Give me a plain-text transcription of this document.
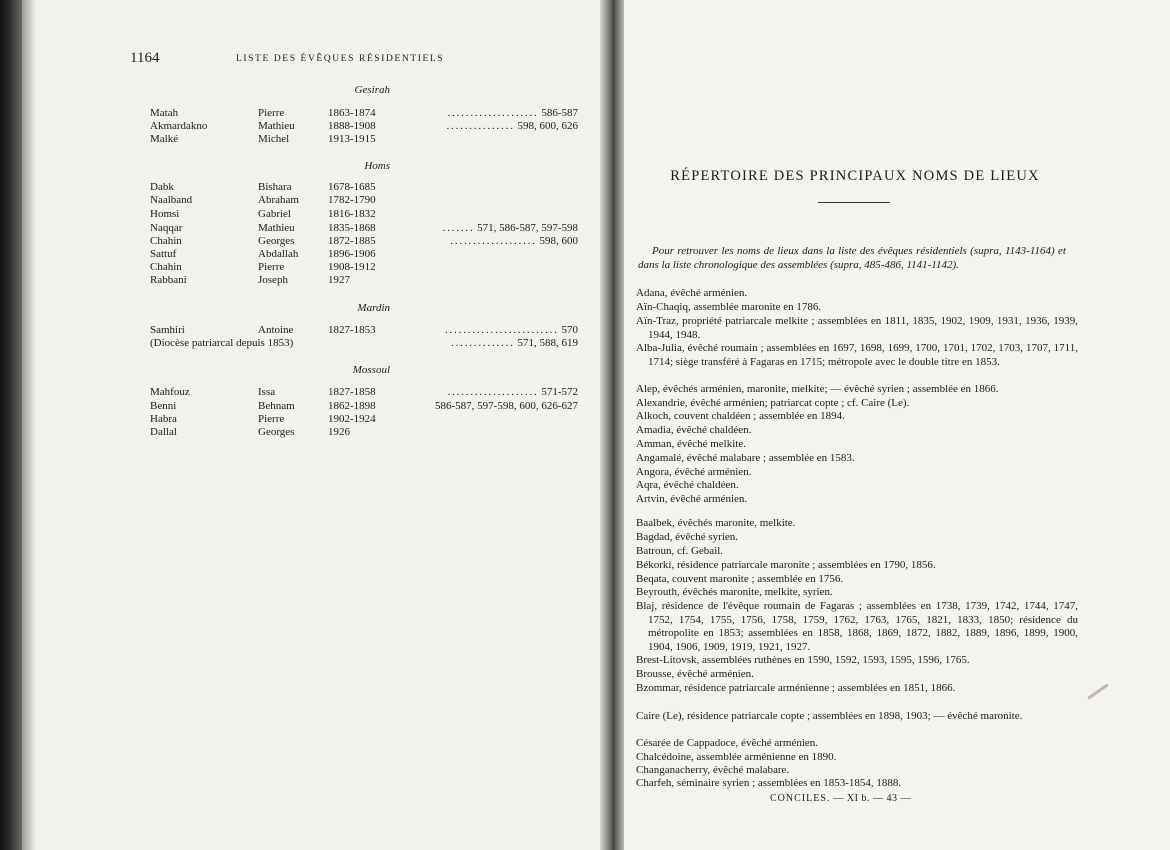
1164	LISTE DES ÉVÊQUES RÉSIDENTIELS
Gesirah
Matah	Pierre	1863-1874	.................... 586-587
Akmardakno	Mathieu	1888-1908	............... 598, 600, 626
Malké	Michel	1913-1915
Homs
Dabk	Bishara	1678-1685
Naalband	Abraham	1782-1790
Homsi	Gabriel	1816-1832
Naqqar	Mathieu	1835-1868	....... 571, 586-587, 597-598
Chahin	Georges	1872-1885	................... 598, 600
Sattuf	Abdallah	1896-1906
Chahin	Pierre	1908-1912
Rabbani	Joseph	1927
Mardin
Samhiri	Antoine	1827-1853	......................... 570
(Diocèse patriarcal depuis 1853)	.............. 571, 588, 619
Mossoul
Mahfouz	Issa	1827-1858	.................... 571-572
Benni	Behnam	1862-1898	586-587, 597-598, 600, 626-627
Habra	Pierre	1902-1924
Dallal	Georges	1926
RÉPERTOIRE DES PRINCIPAUX NOMS DE LIEUX
Pour retrouver les noms de lieux dans la liste des évêques résidentiels (supra, 1143-1164) et dans la liste chronologique des assemblées (supra, 485-486, 1141-1142).
Adana, évêché arménien.
Aïn-Chaqiq, assemblée maronite en 1786.
Aïn-Traz, propriété patriarcale melkite ; assemblées en 1811, 1835, 1902, 1909, 1931, 1936, 1939, 1944, 1948.
Alba-Julia, évêché roumain ; assemblées en 1697, 1698, 1699, 1700, 1701, 1702, 1703, 1707, 1711, 1714; siège transféré à Fagaras en 1715; métropole avec le double titre en 1853.
Alep, évêchés arménien, maronite, melkite; — évêché syrien ; assemblée en 1866.
Alexandrie, évêché arménien; patriarcat copte ; cf. Caire (Le).
Alkoch, couvent chaldéen ; assemblée en 1894.
Amadia, évêché chaldéen.
Amman, évêché melkite.
Angamalé, évêché malabare ; assemblée en 1583.
Angora, évêché arménien.
Aqra, évêché chaldéen.
Artvin, évêché arménien.
Baalbek, évêchés maronite, melkite.
Bagdad, évêché syrien.
Batroun, cf. Gebail.
Békorki, résidence patriarcale maronite ; assemblées en 1790, 1856.
Beqata, couvent maronite ; assemblée en 1756.
Beyrouth, évêchés maronite, melkite, syrien.
Blaj, résidence de l'évêque roumain de Fagaras ; assemblées en 1738, 1739, 1742, 1744, 1747, 1752, 1754, 1755, 1756, 1758, 1759, 1762, 1763, 1765, 1821, 1833, 1850; résidence du métropolite en 1853; assemblées en 1858, 1868, 1869, 1872, 1882, 1889, 1896, 1899, 1900, 1904, 1906, 1909, 1919, 1921, 1927.
Brest-Litovsk, assemblées ruthènes en 1590, 1592, 1593, 1595, 1596, 1765.
Brousse, évêché arménien.
Bzommar, résidence patriarcale arménienne ; assemblées en 1851, 1866.
Caire (Le), résidence patriarcale copte ; assemblées en 1898, 1903; — évêché maronite.
Césarée de Cappadoce, évêché arménien.
Chalcédoine, assemblée arménienne en 1890.
Changanacherry, évêché malabare.
Charfeh, séminaire syrien ; assemblées en 1853-1854, 1888.
CONCILES. — XI b. — 43 —
